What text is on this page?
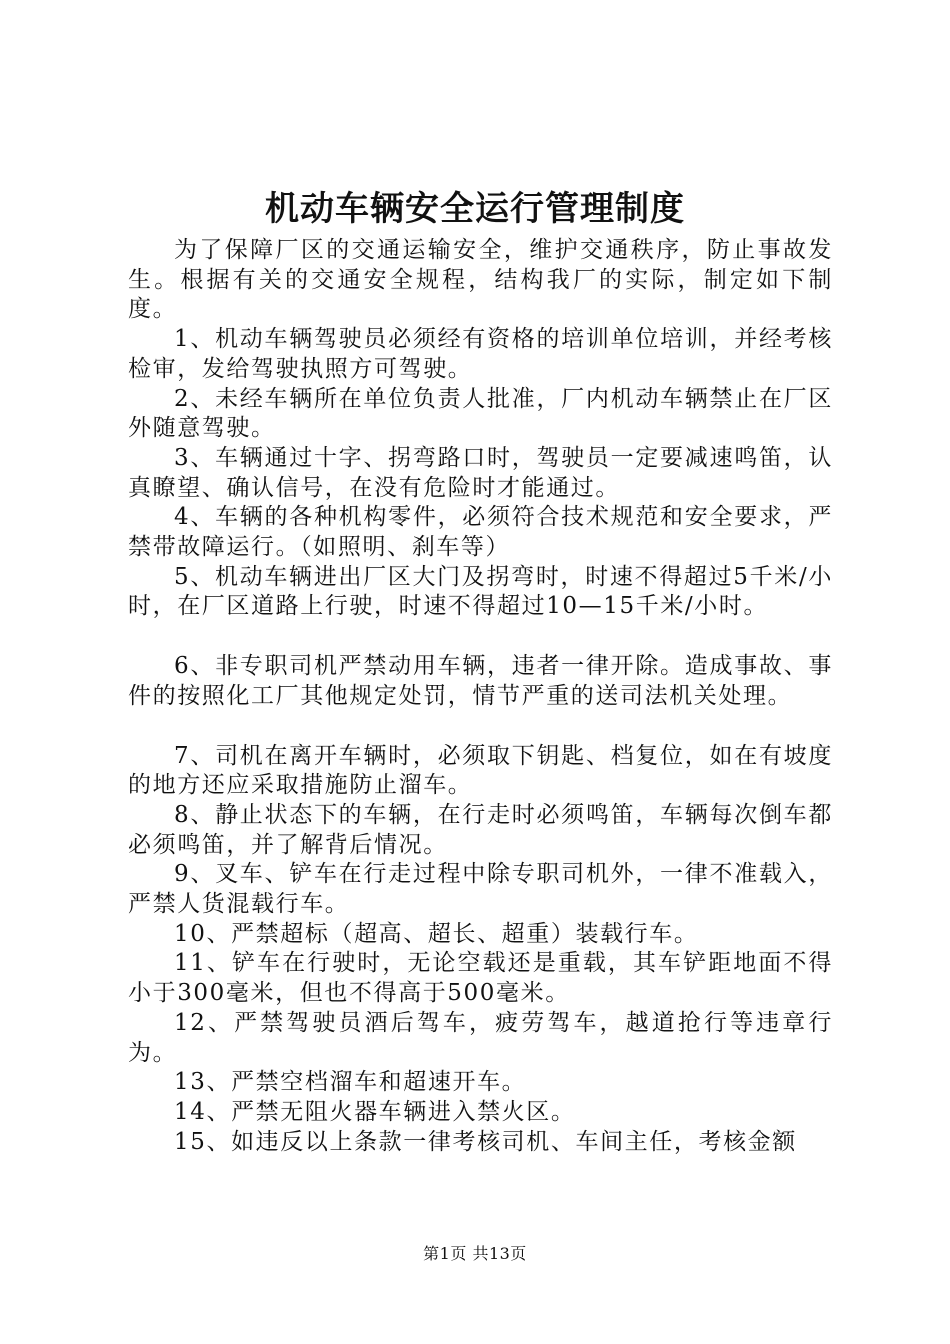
机动车辆安全运行管理制度

为了保障厂区的交通运输安全，维护交通秩序，防止事故发生。根据有关的交通安全规程，结构我厂的实际，制定如下制度。

1、机动车辆驾驶员必须经有资格的培训单位培训，并经考核检审，发给驾驶执照方可驾驶。

2、未经车辆所在单位负责人批准，厂内机动车辆禁止在厂区外随意驾驶。

3、车辆通过十字、拐弯路口时，驾驶员一定要减速鸣笛，认真瞭望、确认信号，在没有危险时才能通过。

4、车辆的各种机构零件，必须符合技术规范和安全要求，严禁带故障运行。（如照明、刹车等）

5、机动车辆进出厂区大门及拐弯时，时速不得超过5千米/小时，在厂区道路上行驶，时速不得超过10—15千米/小时。

6、非专职司机严禁动用车辆，违者一律开除。造成事故、事件的按照化工厂其他规定处罚，情节严重的送司法机关处理。

7、司机在离开车辆时，必须取下钥匙、档复位，如在有坡度的地方还应采取措施防止溜车。

8、静止状态下的车辆，在行走时必须鸣笛，车辆每次倒车都必须鸣笛，并了解背后情况。

9、叉车、铲车在行走过程中除专职司机外，一律不准载入，严禁人货混载行车。

10、严禁超标（超高、超长、超重）装载行车。

11、铲车在行驶时，无论空载还是重载，其车铲距地面不得小于300毫米，但也不得高于500毫米。

12、严禁驾驶员酒后驾车，疲劳驾车，越道抢行等违章行为。

13、严禁空档溜车和超速开车。

14、严禁无阻火器车辆进入禁火区。

15、如违反以上条款一律考核司机、车间主任，考核金额

第1页 共13页
